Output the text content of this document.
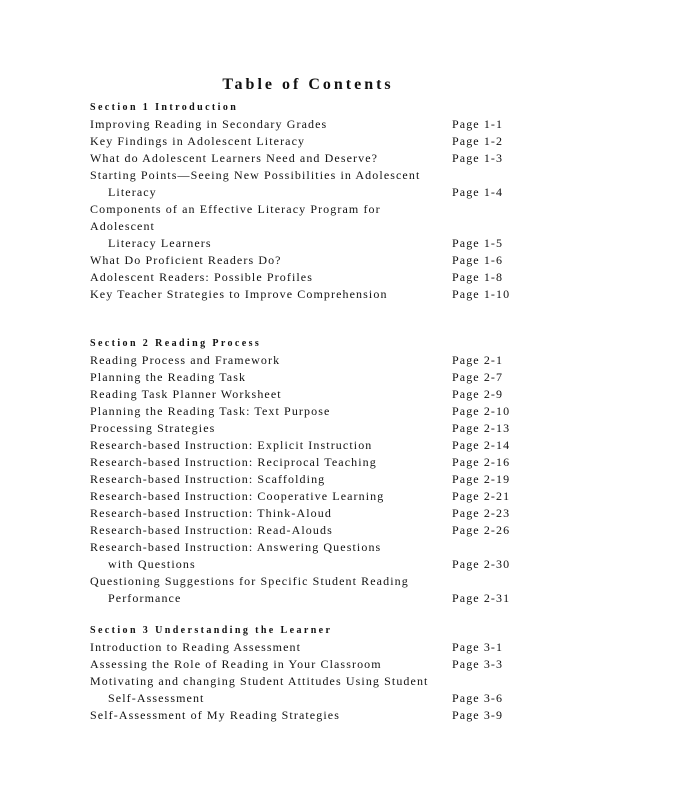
Table of Contents
Section 1 Introduction
Improving Reading in Secondary Grades	Page 1-1
Key Findings in Adolescent Literacy	Page 1-2
What do Adolescent Learners Need and Deserve?	Page 1-3
Starting Points—Seeing New Possibilities in Adolescent
Literacy	Page 1-4
Components of an Effective Literacy Program for Adolescent
Literacy Learners	Page 1-5
What Do Proficient Readers Do?	Page 1-6
Adolescent Readers: Possible Profiles	Page 1-8
Key Teacher Strategies to Improve Comprehension	Page 1-10
Section 2 Reading Process
Reading Process and Framework	Page 2-1
Planning the Reading Task	Page 2-7
Reading Task Planner Worksheet	Page 2-9
Planning the Reading Task: Text Purpose	Page 2-10
Processing Strategies	Page 2-13
Research-based Instruction: Explicit Instruction	Page 2-14
Research-based Instruction: Reciprocal Teaching	Page 2-16
Research-based Instruction: Scaffolding	Page 2-19
Research-based Instruction: Cooperative Learning	Page 2-21
Research-based Instruction: Think-Aloud	Page 2-23
Research-based Instruction: Read-Alouds	Page 2-26
Research-based Instruction: Answering Questions
with Questions	Page 2-30
Questioning Suggestions for Specific Student Reading
Performance	Page 2-31
Section 3 Understanding the Learner
Introduction to Reading Assessment	Page 3-1
Assessing the Role of Reading in Your Classroom	Page 3-3
Motivating and changing Student Attitudes Using Student
Self-Assessment	Page 3-6
Self-Assessment of My Reading Strategies	Page 3-9
